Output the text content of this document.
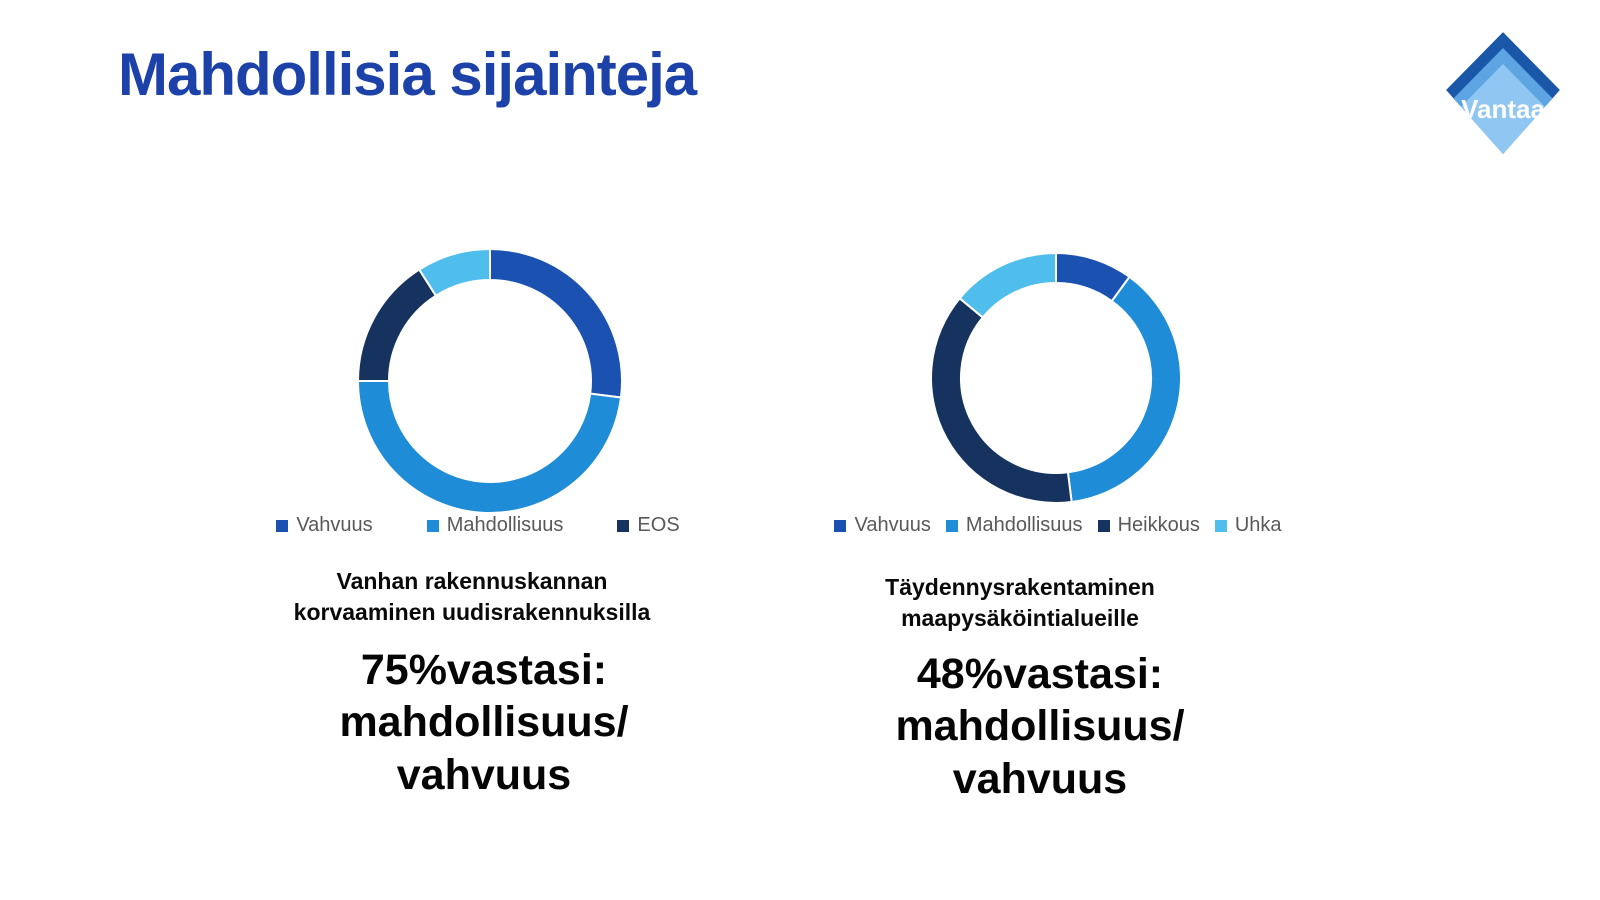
Mahdollisia sijainteja
Vantaa
Vahvuus	Mahdollisuus	EOS	Vahvuus Mahdollisuus Heikkous Uhka
Vanhan rakennuskannan
korvaaminen uudisrakennuksilla
Täydennysrakentaminen
maapysäköintialueille
75%vastasi:
mahdollisuus/
vahvuus
48%vastasi:
mahdollisuus/
vahvuus
